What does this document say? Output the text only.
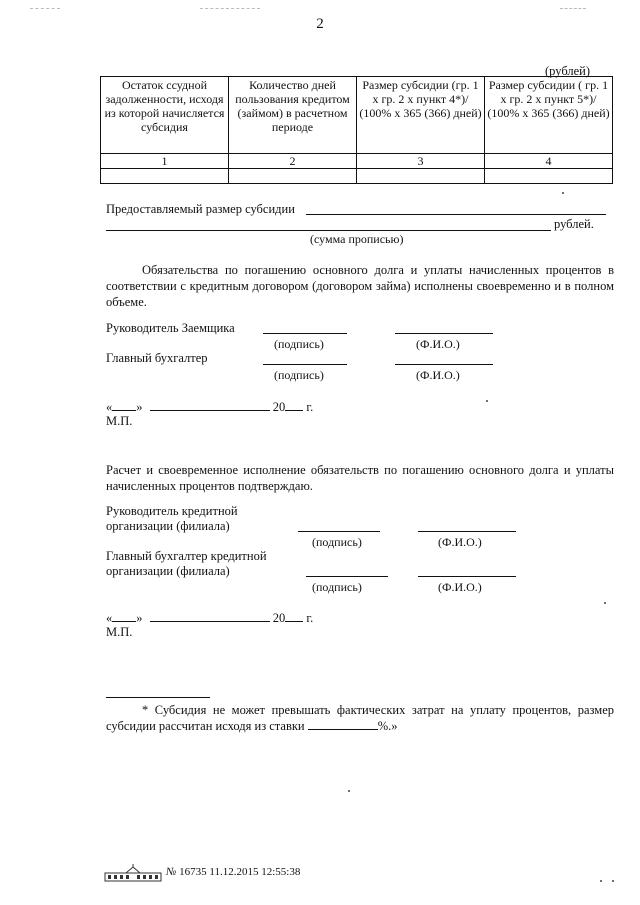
2
(рублей)
Остаток ссудной задолженности, исходя из которой начисляется субсидия	Количество дней пользования кредитом (займом) в расчетном периоде	Размер субсидии (гр. 1 x гр. 2 x пункт 4*)/ (100% x 365 (366) дней)	Размер субсидии ( гр. 1 x гр. 2 x пункт 5*)/ (100% x 365 (366) дней)
1	2	3	4

Предоставляемый размер субсидии
рублей.
(сумма прописью)
Обязательства по погашению основного долга и уплаты начисленных процентов в соответствии с кредитным договором (договором займа) исполнены своевременно и в полном объеме.
Руководитель Заемщика
(подпись)	(Ф.И.О.)
Главный бухгалтер
(подпись)	(Ф.И.О.)
« »	20 г.
М.П.
Расчет и своевременное исполнение обязательств по погашению основного долга и уплаты начисленных процентов подтверждаю.
Руководитель кредитной
организации (филиала)
(подпись)	(Ф.И.О.)
Главный бухгалтер кредитной
организации (филиала)
(подпись)	(Ф.И.О.)
« »	20 г.
М.П.
* Субсидия не может превышать фактических затрат на уплату процентов, размер субсидии рассчитан исходя из ставки	%.»
№ 16735 11.12.2015 12:55:38
